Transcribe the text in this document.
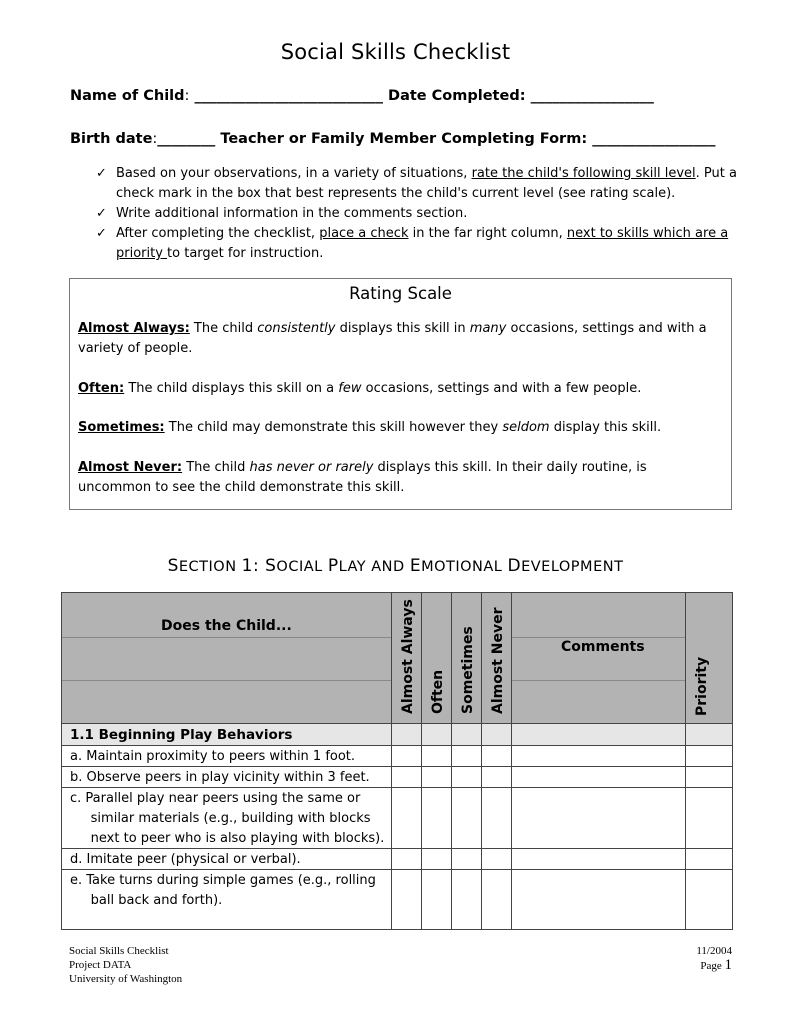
Social Skills Checklist
Name of Child: __________________________ Date Completed: _________________
Birth date:________ Teacher or Family Member Completing Form: _________________
✓ Based on your observations, in a variety of situations, rate the child's following skill level. Put a check mark in the box that best represents the child's current level (see rating scale).
✓ Write additional information in the comments section.
✓ After completing the checklist, place a check in the far right column, next to skills which are a priority to target for instruction.
Rating Scale
Almost Always: The child consistently displays this skill in many occasions, settings and with a variety of people.
Often: The child displays this skill on a few occasions, settings and with a few people.
Sometimes: The child may demonstrate this skill however they seldom display this skill.
Almost Never: The child has never or rarely displays this skill. In their daily routine, is uncommon to see the child demonstrate this skill.
SECTION 1: SOCIAL PLAY AND EMOTIONAL DEVELOPMENT
Does the Child...
Comments
Almost Always Often Sometimes Almost Never	Priority
1.1 Beginning Play Behaviors
a. Maintain proximity to peers within 1 foot.
b. Observe peers in play vicinity within 3 feet.
c. Parallel play near peers using the same or
similar materials (e.g., building with blocks
next to peer who is also playing with blocks).
d. Imitate peer (physical or verbal).
e. Take turns during simple games (e.g., rolling
ball back and forth).
Social Skills Checklist
Project DATA
University of Washington
11/2004
Page 1
